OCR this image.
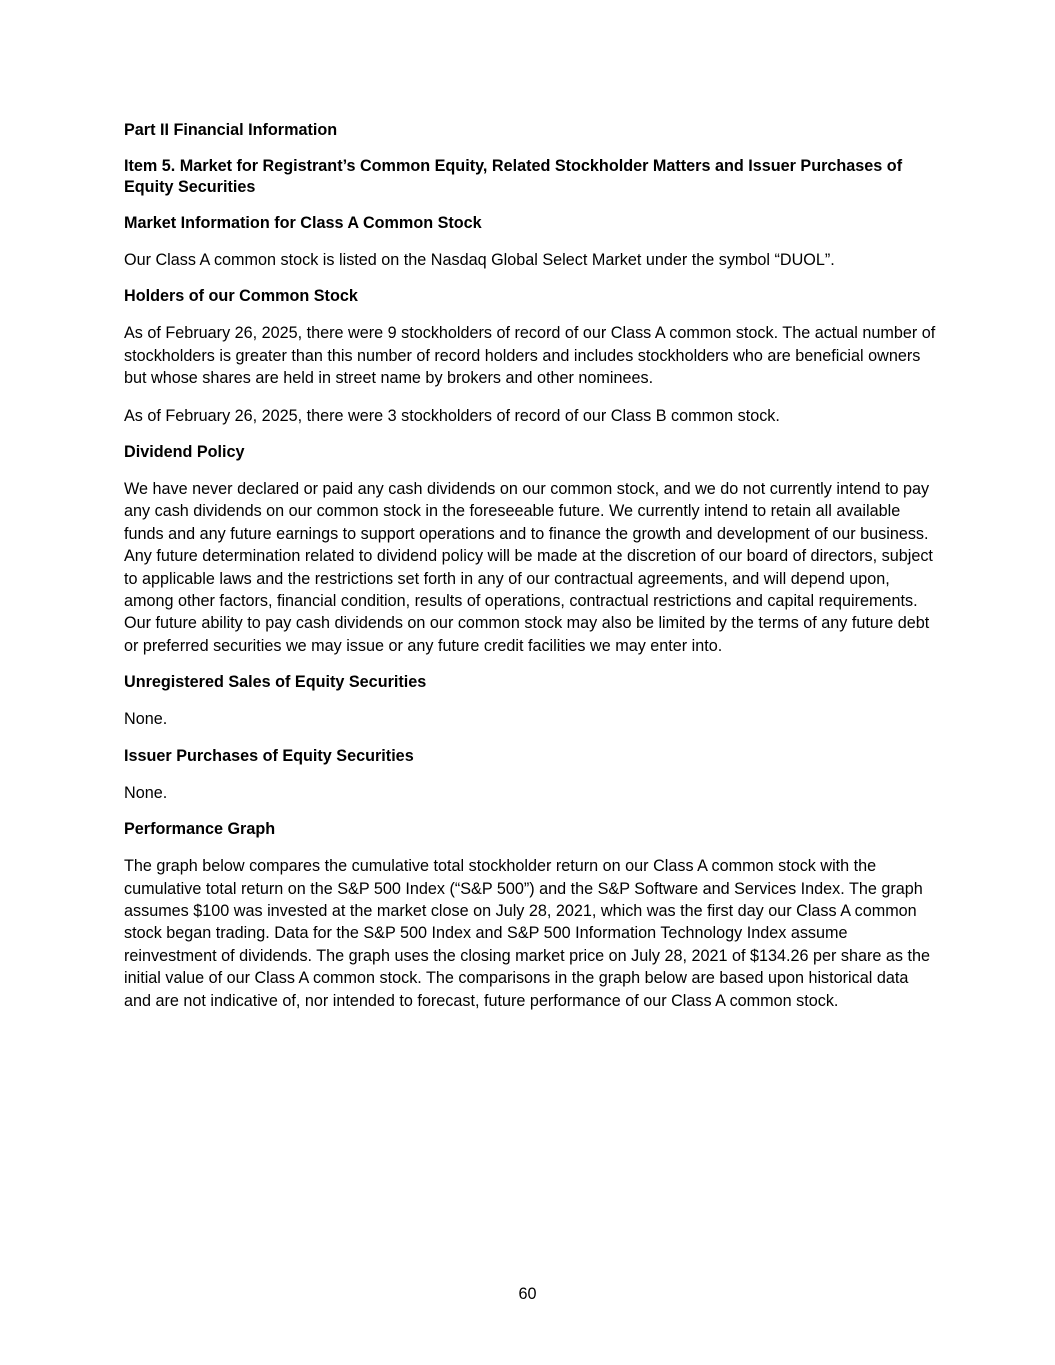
Part II Financial Information

Item 5. Market for Registrant’s Common Equity, Related Stockholder Matters and Issuer Purchases of Equity Securities

Market Information for Class A Common Stock

Our Class A common stock is listed on the Nasdaq Global Select Market under the symbol “DUOL”.

Holders of our Common Stock

As of February 26, 2025, there were 9 stockholders of record of our Class A common stock. The actual number of stockholders is greater than this number of record holders and includes stockholders who are beneficial owners but whose shares are held in street name by brokers and other nominees.

As of February 26, 2025, there were 3 stockholders of record of our Class B common stock.

Dividend Policy

We have never declared or paid any cash dividends on our common stock, and we do not currently intend to pay any cash dividends on our common stock in the foreseeable future. We currently intend to retain all available funds and any future earnings to support operations and to finance the growth and development of our business. Any future determination related to dividend policy will be made at the discretion of our board of directors, subject to applicable laws and the restrictions set forth in any of our contractual agreements, and will depend upon, among other factors, financial condition, results of operations, contractual restrictions and capital requirements. Our future ability to pay cash dividends on our common stock may also be limited by the terms of any future debt or preferred securities we may issue or any future credit facilities we may enter into.

Unregistered Sales of Equity Securities

None.

Issuer Purchases of Equity Securities

None.

Performance Graph

The graph below compares the cumulative total stockholder return on our Class A common stock with the cumulative total return on the S&P 500 Index (“S&P 500”) and the S&P Software and Services Index. The graph assumes $100 was invested at the market close on July 28, 2021, which was the first day our Class A common stock began trading. Data for the S&P 500 Index and S&P 500 Information Technology Index assume reinvestment of dividends. The graph uses the closing market price on July 28, 2021 of $134.26 per share as the initial value of our Class A common stock. The comparisons in the graph below are based upon historical data and are not indicative of, nor intended to forecast, future performance of our Class A common stock.

60
